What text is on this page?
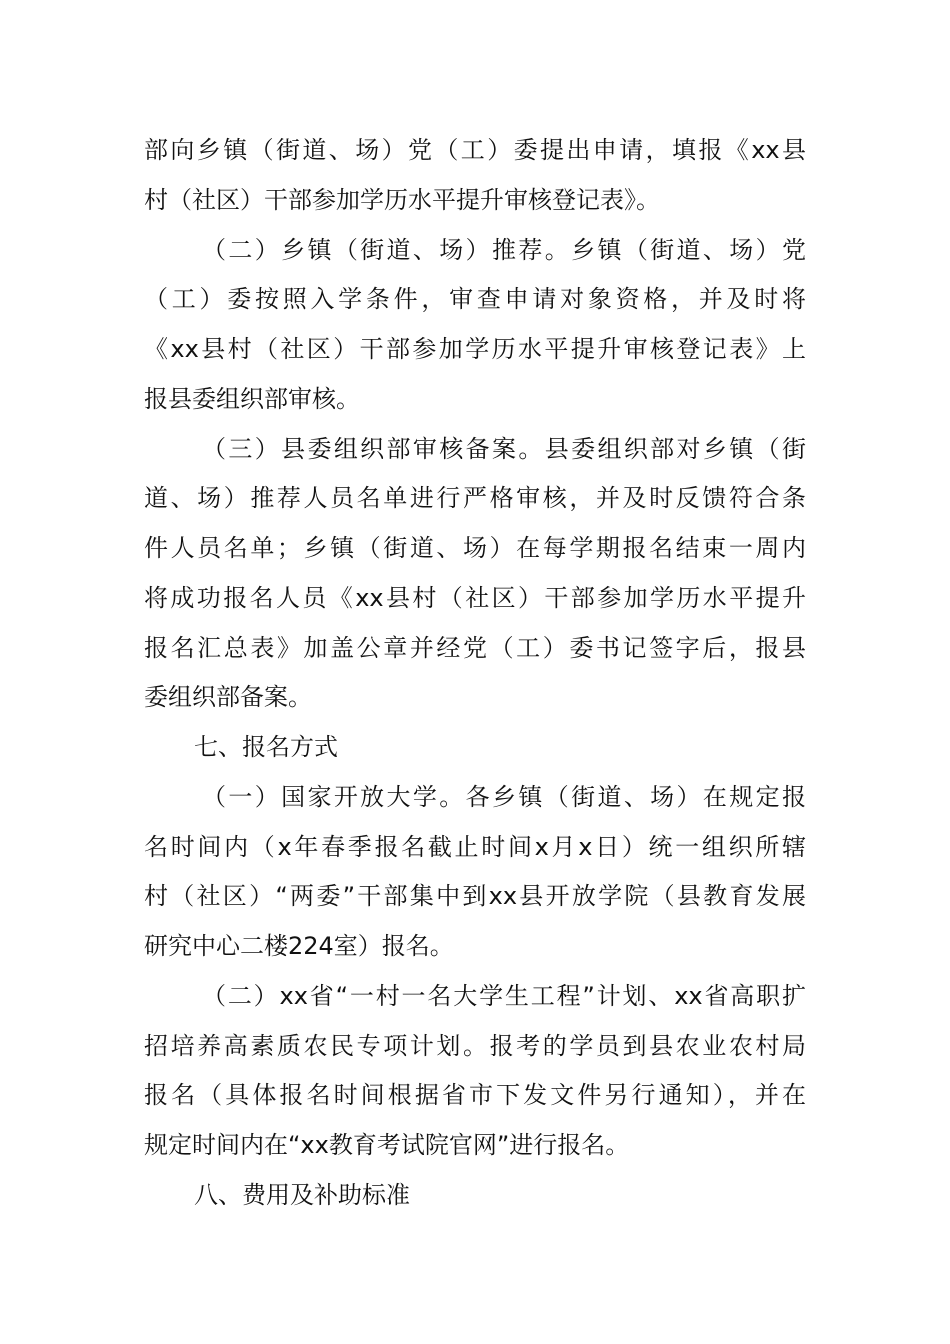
部向乡镇（街道、场）党（工）委提出申请，填报《xx县
村（社区）干部参加学历水平提升审核登记表》。
（二）乡镇（街道、场）推荐。乡镇（街道、场）党
（工）委按照入学条件，审查申请对象资格，并及时将
《xx县村（社区）干部参加学历水平提升审核登记表》上
报县委组织部审核。
（三）县委组织部审核备案。县委组织部对乡镇（街
道、场）推荐人员名单进行严格审核，并及时反馈符合条
件人员名单；乡镇（街道、场）在每学期报名结束一周内
将成功报名人员《xx县村（社区）干部参加学历水平提升
报名汇总表》加盖公章并经党（工）委书记签字后，报县
委组织部备案。
七、报名方式
（一）国家开放大学。各乡镇（街道、场）在规定报
名时间内（x年春季报名截止时间x月x日）统一组织所辖
村（社区）“两委”干部集中到xx县开放学院（县教育发展
研究中心二楼224室）报名。
（二）xx省“一村一名大学生工程”计划、xx省高职扩
招培养高素质农民专项计划。报考的学员到县农业农村局
报名（具体报名时间根据省市下发文件另行通知），并在
规定时间内在“xx教育考试院官网”进行报名。
八、费用及补助标准
